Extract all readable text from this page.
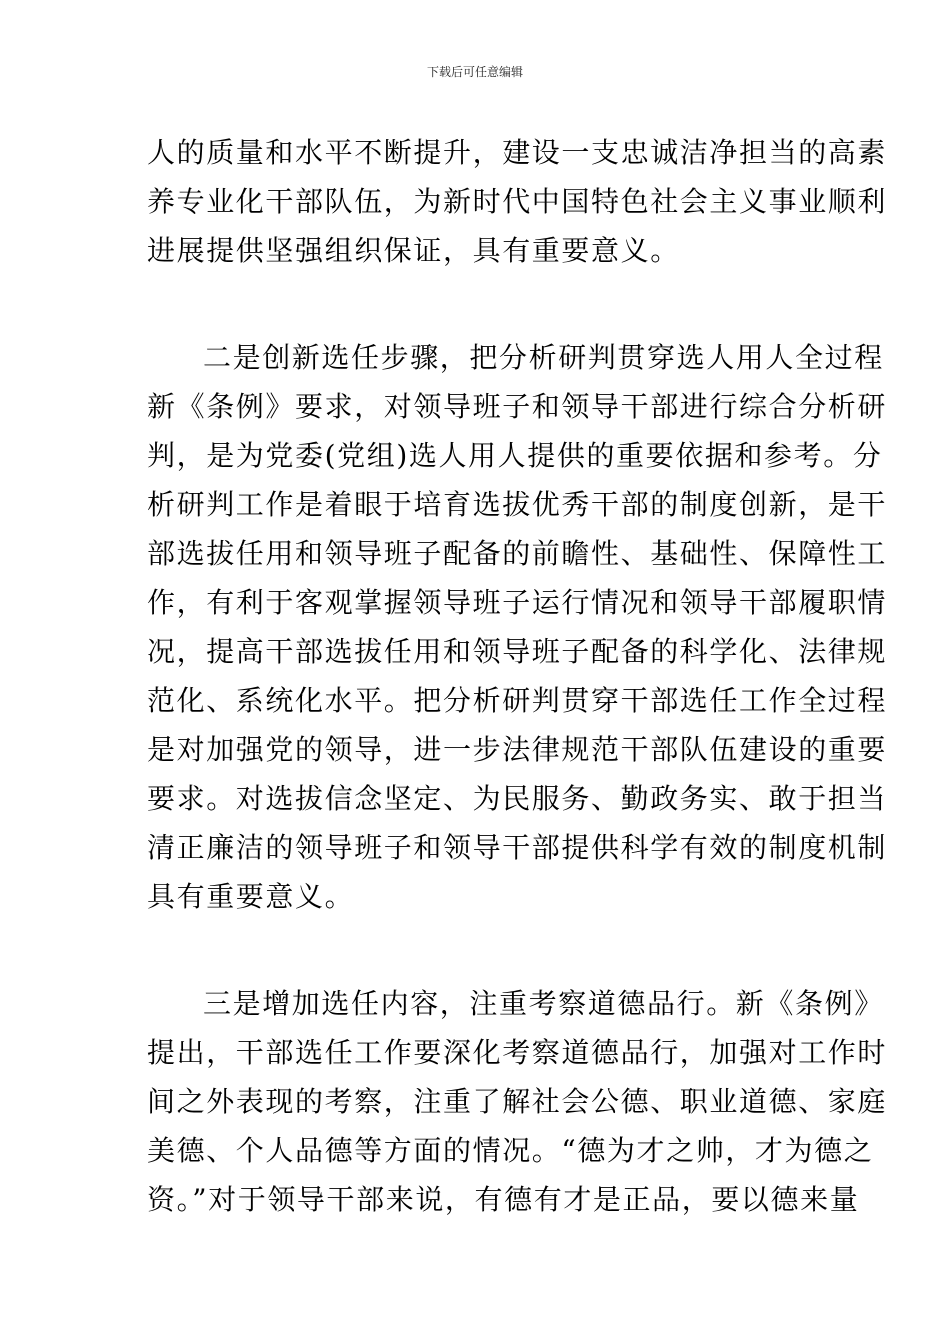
下载后可任意编辑
人的质量和水平不断提升，建设一支忠诚洁净担当的高素
养专业化干部队伍，为新时代中国特色社会主义事业顺利
进展提供坚强组织保证，具有重要意义。
二是创新选任步骤，把分析研判贯穿选人用人全过程
新《条例》要求，对领导班子和领导干部进行综合分析研
判，是为党委(党组)选人用人提供的重要依据和参考。分
析研判工作是着眼于培育选拔优秀干部的制度创新，是干
部选拔任用和领导班子配备的前瞻性、基础性、保障性工
作，有利于客观掌握领导班子运行情况和领导干部履职情
况，提高干部选拔任用和领导班子配备的科学化、法律规
范化、系统化水平。把分析研判贯穿干部选任工作全过程
是对加强党的领导，进一步法律规范干部队伍建设的重要
要求。对选拔信念坚定、为民服务、勤政务实、敢于担当
清正廉洁的领导班子和领导干部提供科学有效的制度机制
具有重要意义。
三是增加选任内容，注重考察道德品行。新《条例》
提出，干部选任工作要深化考察道德品行，加强对工作时
间之外表现的考察，注重了解社会公德、职业道德、家庭
美德、个人品德等方面的情况。“德为才之帅，才为德之
资。”对于领导干部来说，有德有才是正品，要以德来量
